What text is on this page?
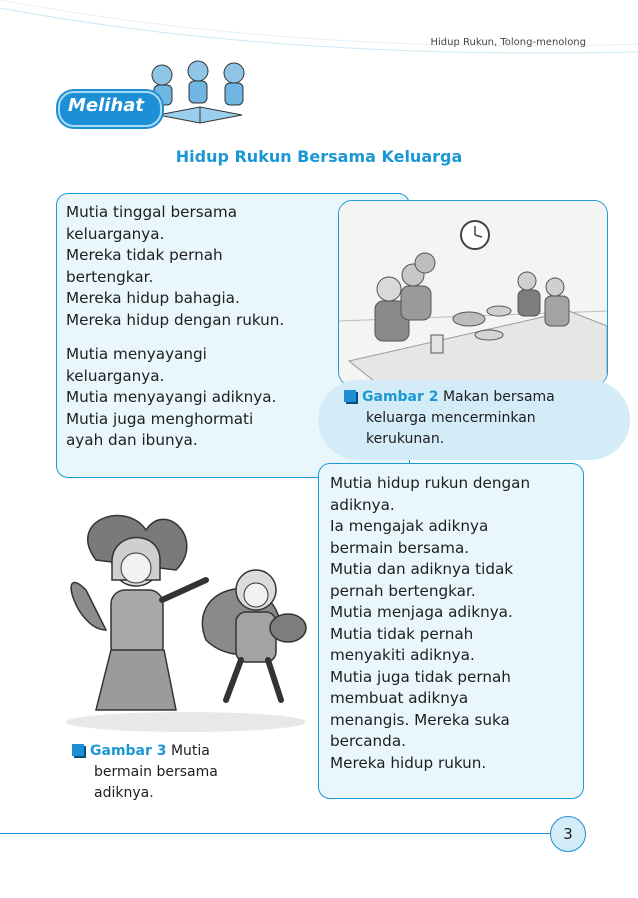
Hidup Rukun, Tolong-menolong
Melihat
Hidup Rukun Bersama Keluarga
Mutia tinggal bersama
keluarganya.
Mereka tidak pernah
bertengkar.
Mereka hidup bahagia.
Mereka hidup dengan rukun.
Mutia menyayangi
keluarganya.
Mutia menyayangi adiknya.
Mutia juga menghormati
ayah dan ibunya.
Gambar 2 Makan bersama
keluarga mencerminkan
kerukunan.
Mutia hidup rukun dengan
adiknya.
Ia mengajak adiknya
bermain bersama.
Mutia dan adiknya tidak
pernah bertengkar.
Mutia menjaga adiknya.
Mutia tidak pernah
menyakiti adiknya.
Mutia juga tidak pernah
membuat adiknya
menangis. Mereka suka
bercanda.
Mereka hidup rukun.
Gambar 3 Mutia
bermain bersama
adiknya.
3
